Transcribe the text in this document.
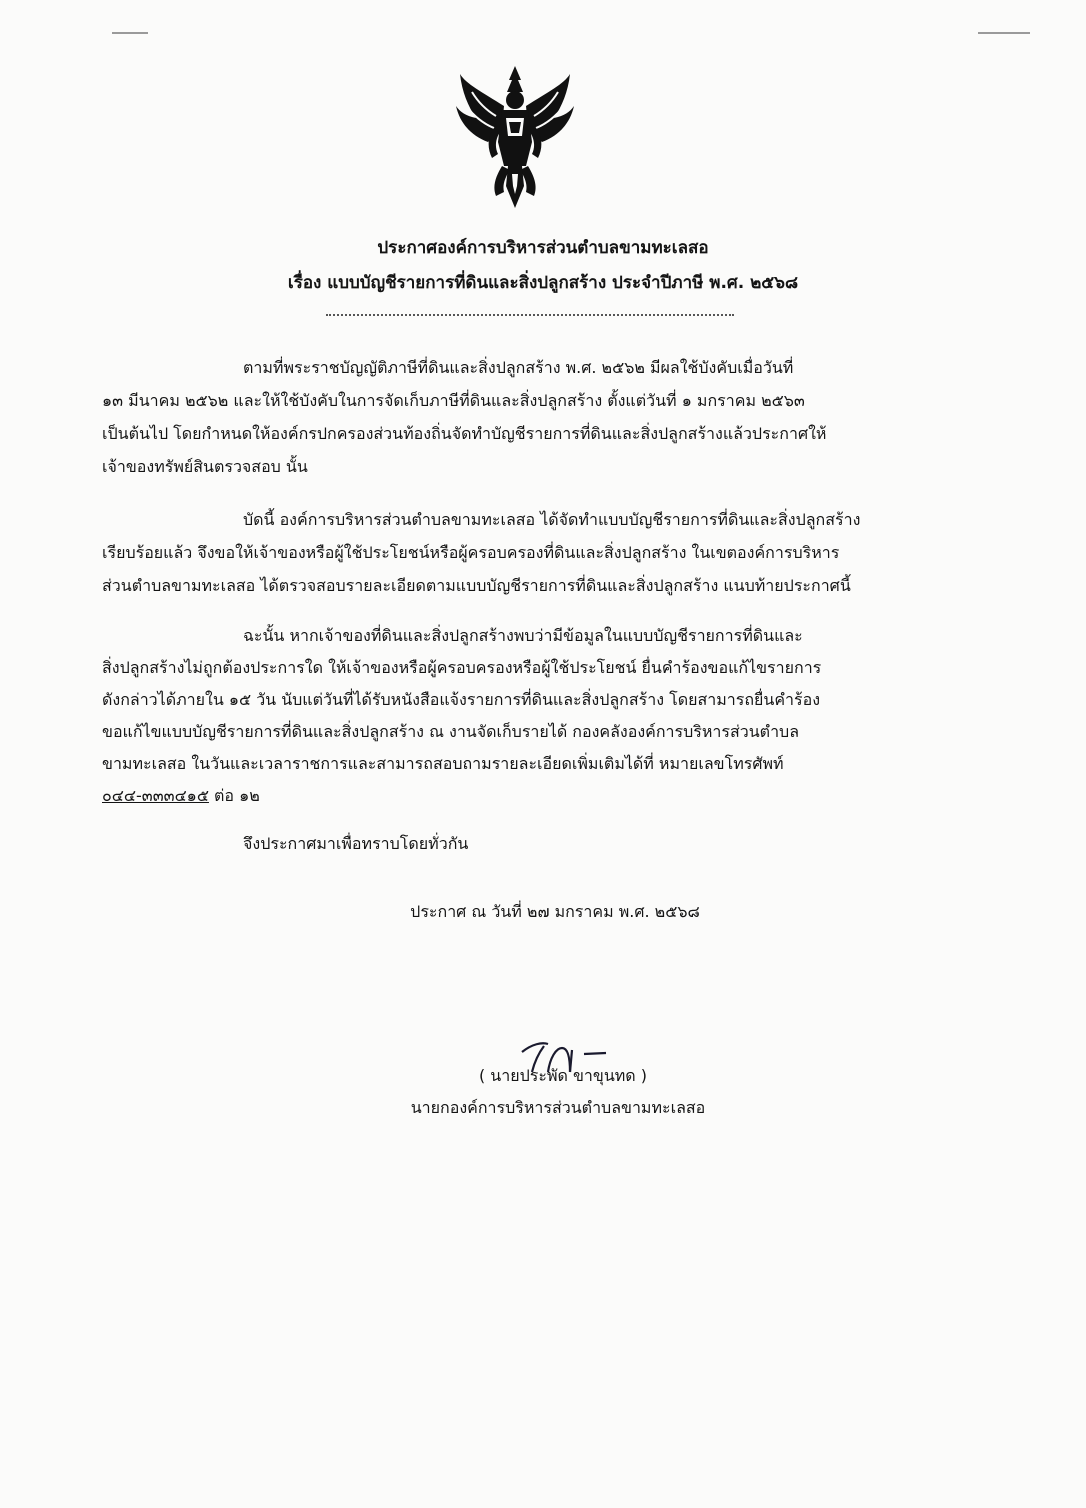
ประกาศองค์การบริหารส่วนตำบลขามทะเลสอ
เรื่อง แบบบัญชีรายการที่ดินและสิ่งปลูกสร้าง ประจำปีภาษี พ.ศ. ๒๕๖๘
ตามที่พระราชบัญญัติภาษีที่ดินและสิ่งปลูกสร้าง พ.ศ. ๒๕๖๒ มีผลใช้บังคับเมื่อวันที่
๑๓ มีนาคม ๒๕๖๒ และให้ใช้บังคับในการจัดเก็บภาษีที่ดินและสิ่งปลูกสร้าง ตั้งแต่วันที่ ๑ มกราคม ๒๕๖๓
เป็นต้นไป โดยกำหนดให้องค์กรปกครองส่วนท้องถิ่นจัดทำบัญชีรายการที่ดินและสิ่งปลูกสร้างแล้วประกาศให้
เจ้าของทรัพย์สินตรวจสอบ นั้น
บัดนี้ องค์การบริหารส่วนตำบลขามทะเลสอ ได้จัดทำแบบบัญชีรายการที่ดินและสิ่งปลูกสร้าง
เรียบร้อยแล้ว จึงขอให้เจ้าของหรือผู้ใช้ประโยชน์หรือผู้ครอบครองที่ดินและสิ่งปลูกสร้าง ในเขตองค์การบริหาร
ส่วนตำบลขามทะเลสอ ได้ตรวจสอบรายละเอียดตามแบบบัญชีรายการที่ดินและสิ่งปลูกสร้าง แนบท้ายประกาศนี้
ฉะนั้น หากเจ้าของที่ดินและสิ่งปลูกสร้างพบว่ามีข้อมูลในแบบบัญชีรายการที่ดินและ
สิ่งปลูกสร้างไม่ถูกต้องประการใด ให้เจ้าของหรือผู้ครอบครองหรือผู้ใช้ประโยชน์ ยื่นคำร้องขอแก้ไขรายการ
ดังกล่าวได้ภายใน ๑๕ วัน นับแต่วันที่ได้รับหนังสือแจ้งรายการที่ดินและสิ่งปลูกสร้าง โดยสามารถยื่นคำร้อง
ขอแก้ไขแบบบัญชีรายการที่ดินและสิ่งปลูกสร้าง ณ งานจัดเก็บรายได้ กองคลังองค์การบริหารส่วนตำบล
ขามทะเลสอ ในวันและเวลาราชการและสามารถสอบถามรายละเอียดเพิ่มเติมได้ที่ หมายเลขโทรศัพท์
๐๔๔-๓๓๓๔๑๕ ต่อ ๑๒
จึงประกาศมาเพื่อทราบโดยทั่วกัน
ประกาศ ณ วันที่ ๒๗ มกราคม พ.ศ. ๒๕๖๘
( นายประพัด ขาขุนทด )
นายกองค์การบริหารส่วนตำบลขามทะเลสอ
